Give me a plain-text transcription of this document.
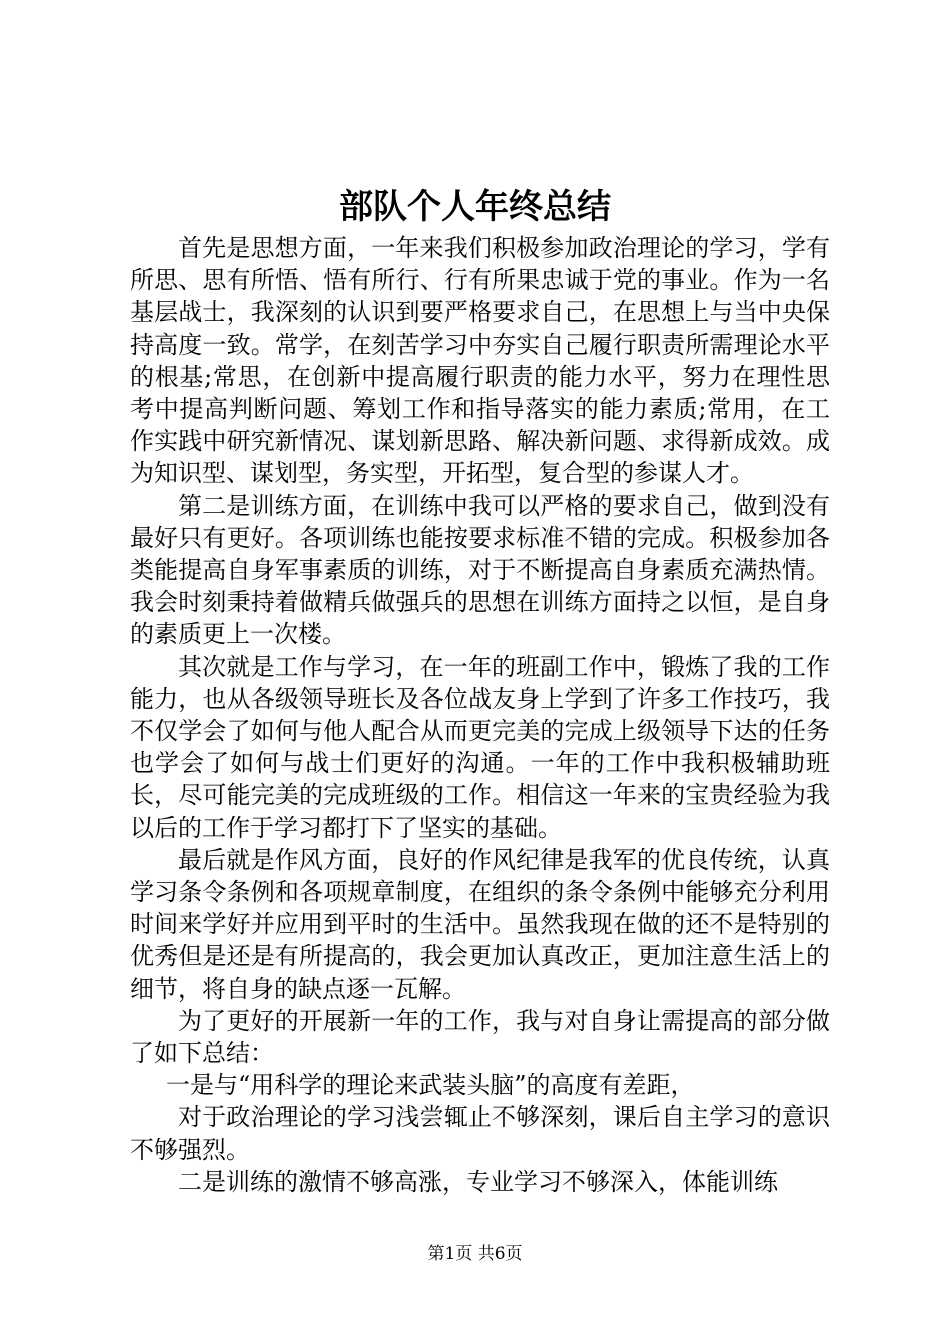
部队个人年终总结

首先是思想方面，一年来我们积极参加政治理论的学习，学有所思、思有所悟、悟有所行、行有所果忠诚于党的事业。作为一名基层战士，我深刻的认识到要严格要求自己，在思想上与当中央保持高度一致。常学，在刻苦学习中夯实自己履行职责所需理论水平的根基;常思，在创新中提高履行职责的能力水平，努力在理性思考中提高判断问题、筹划工作和指导落实的能力素质;常用，在工作实践中研究新情况、谋划新思路、解决新问题、求得新成效。成为知识型、谋划型，务实型，开拓型，复合型的参谋人才。

第二是训练方面，在训练中我可以严格的要求自己，做到没有最好只有更好。各项训练也能按要求标准不错的完成。积极参加各类能提高自身军事素质的训练，对于不断提高自身素质充满热情。我会时刻秉持着做精兵做强兵的思想在训练方面持之以恒，是自身的素质更上一次楼。

其次就是工作与学习，在一年的班副工作中，锻炼了我的工作能力，也从各级领导班长及各位战友身上学到了许多工作技巧，我不仅学会了如何与他人配合从而更完美的完成上级领导下达的任务也学会了如何与战士们更好的沟通。一年的工作中我积极辅助班长，尽可能完美的完成班级的工作。相信这一年来的宝贵经验为我以后的工作于学习都打下了坚实的基础。

最后就是作风方面，良好的作风纪律是我军的优良传统，认真学习条令条例和各项规章制度，在组织的条令条例中能够充分利用时间来学好并应用到平时的生活中。虽然我现在做的还不是特别的优秀但是还是有所提高的，我会更加认真改正，更加注意生活上的细节，将自身的缺点逐一瓦解。

为了更好的开展新一年的工作，我与对自身让需提高的部分做了如下总结：

一是与“用科学的理论来武装头脑”的高度有差距，

对于政治理论的学习浅尝辄止不够深刻，课后自主学习的意识不够强烈。

二是训练的激情不够高涨，专业学习不够深入，体能训练

第1页 共6页
